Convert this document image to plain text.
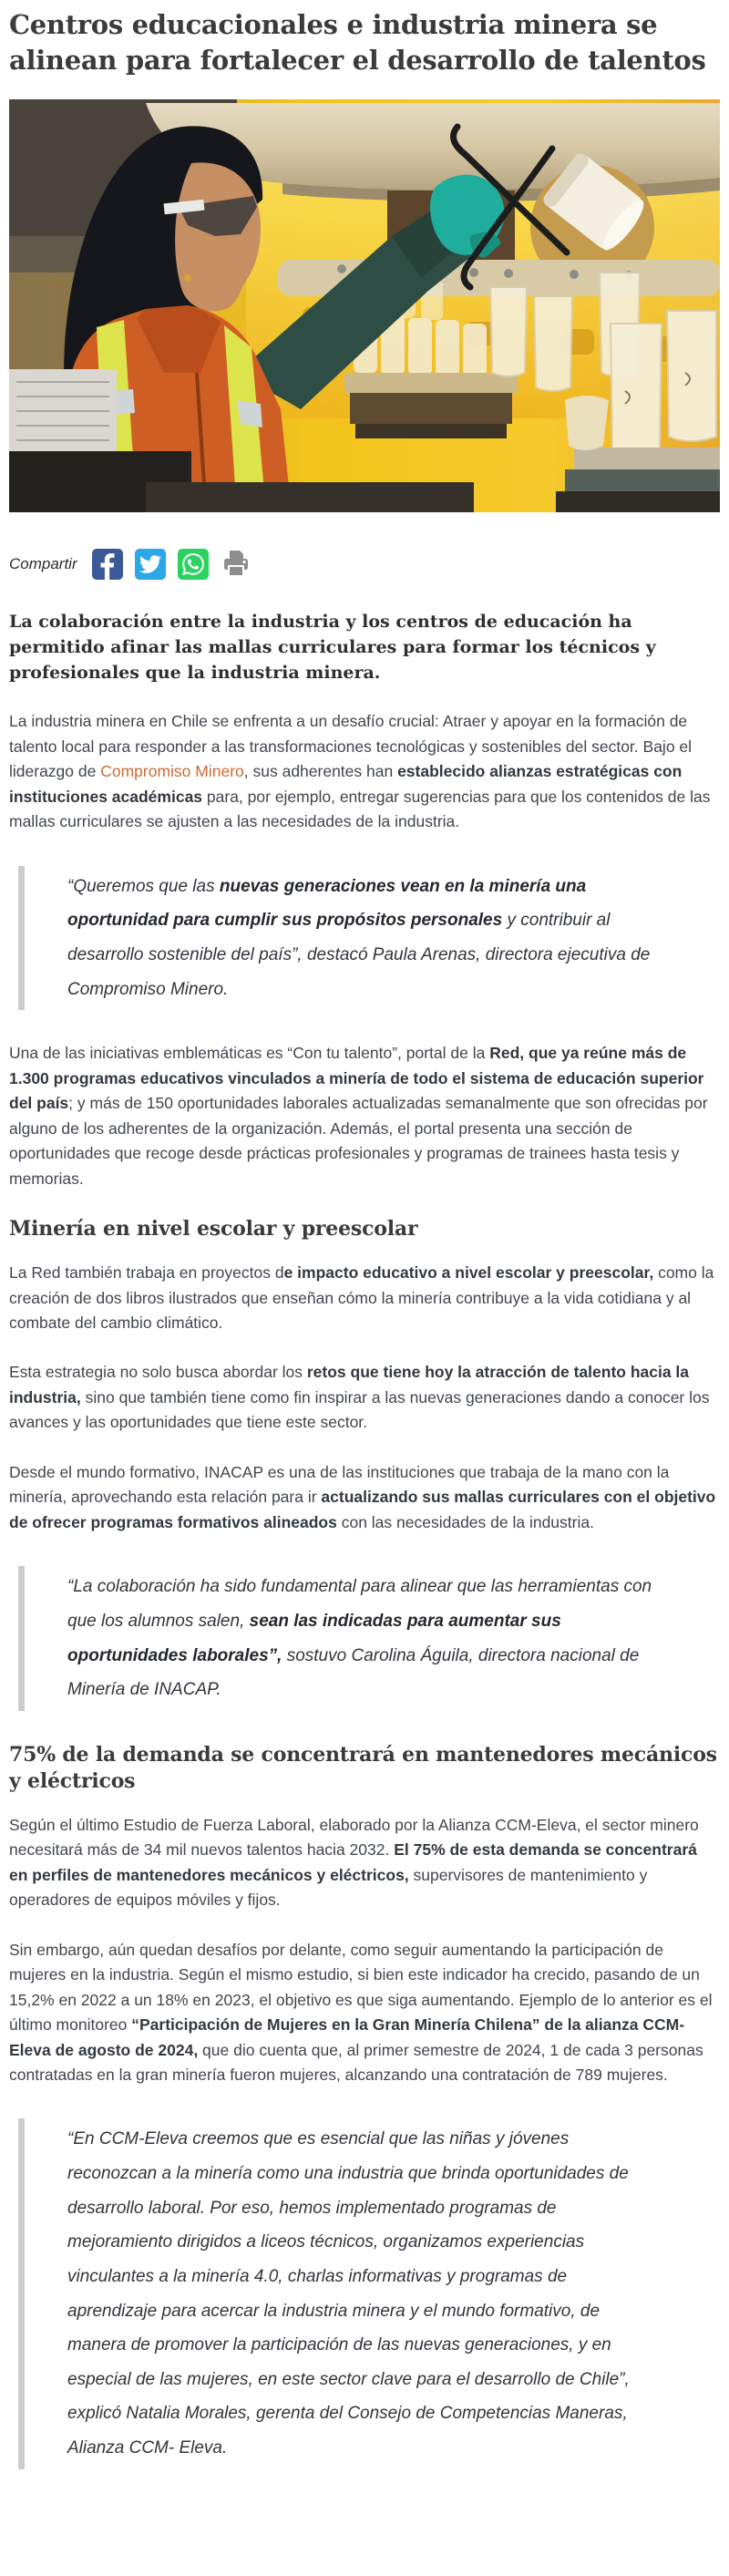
Centros educacionales e industria minera se alinean para fortalecer el desarrollo de talentos
Compartir

La colaboración entre la industria y los centros de educación ha permitido afinar las mallas curriculares para formar los técnicos y profesionales que la industria minera.

La industria minera en Chile se enfrenta a un desafío crucial: Atraer y apoyar en la formación de talento local para responder a las transformaciones tecnológicas y sostenibles del sector. Bajo el liderazgo de Compromiso Minero, sus adherentes han establecido alianzas estratégicas con instituciones académicas para, por ejemplo, entregar sugerencias para que los contenidos de las mallas curriculares se ajusten a las necesidades de la industria.

“Queremos que las nuevas generaciones vean en la minería una oportunidad para cumplir sus propósitos personales y contribuir al desarrollo sostenible del país”, destacó Paula Arenas, directora ejecutiva de Compromiso Minero.

Una de las iniciativas emblemáticas es “Con tu talento”, portal de la Red, que ya reúne más de 1.300 programas educativos vinculados a minería de todo el sistema de educación superior del país; y más de 150 oportunidades laborales actualizadas semanalmente que son ofrecidas por alguno de los adherentes de la organización. Además, el portal presenta una sección de oportunidades que recoge desde prácticas profesionales y programas de trainees hasta tesis y memorias.

Minería en nivel escolar y preescolar

La Red también trabaja en proyectos de impacto educativo a nivel escolar y preescolar, como la creación de dos libros ilustrados que enseñan cómo la minería contribuye a la vida cotidiana y al combate del cambio climático.

Esta estrategia no solo busca abordar los retos que tiene hoy la atracción de talento hacia la industria, sino que también tiene como fin inspirar a las nuevas generaciones dando a conocer los avances y las oportunidades que tiene este sector.

Desde el mundo formativo, INACAP es una de las instituciones que trabaja de la mano con la minería, aprovechando esta relación para ir actualizando sus mallas curriculares con el objetivo de ofrecer programas formativos alineados con las necesidades de la industria.

“La colaboración ha sido fundamental para alinear que las herramientas con que los alumnos salen, sean las indicadas para aumentar sus oportunidades laborales”, sostuvo Carolina Águila, directora nacional de Minería de INACAP.
75% de la demanda se concentrará en mantenedores mecánicos y eléctricos

Según el último Estudio de Fuerza Laboral, elaborado por la Alianza CCM-Eleva, el sector minero necesitará más de 34 mil nuevos talentos hacia 2032. El 75% de esta demanda se concentrará en perfiles de mantenedores mecánicos y eléctricos, supervisores de mantenimiento y operadores de equipos móviles y fijos.

Sin embargo, aún quedan desafíos por delante, como seguir aumentando la participación de mujeres en la industria. Según el mismo estudio, si bien este indicador ha crecido, pasando de un 15,2% en 2022 a un 18% en 2023, el objetivo es que siga aumentando. Ejemplo de lo anterior es el último monitoreo “Participación de Mujeres en la Gran Minería Chilena” de la alianza CCM-Eleva de agosto de 2024, que dio cuenta que, al primer semestre de 2024, 1 de cada 3 personas contratadas en la gran minería fueron mujeres, alcanzando una contratación de 789 mujeres.

“En CCM-Eleva creemos que es esencial que las niñas y jóvenes reconozcan a la minería como una industria que brinda oportunidades de desarrollo laboral. Por eso, hemos implementado programas de mejoramiento dirigidos a liceos técnicos, organizamos experiencias vinculantes a la minería 4.0, charlas informativas y programas de aprendizaje para acercar la industria minera y el mundo formativo, de manera de promover la participación de las nuevas generaciones, y en especial de las mujeres, en este sector clave para el desarrollo de Chile”, explicó Natalia Morales, gerenta del Consejo de Competencias Maneras, Alianza CCM- Eleva.
